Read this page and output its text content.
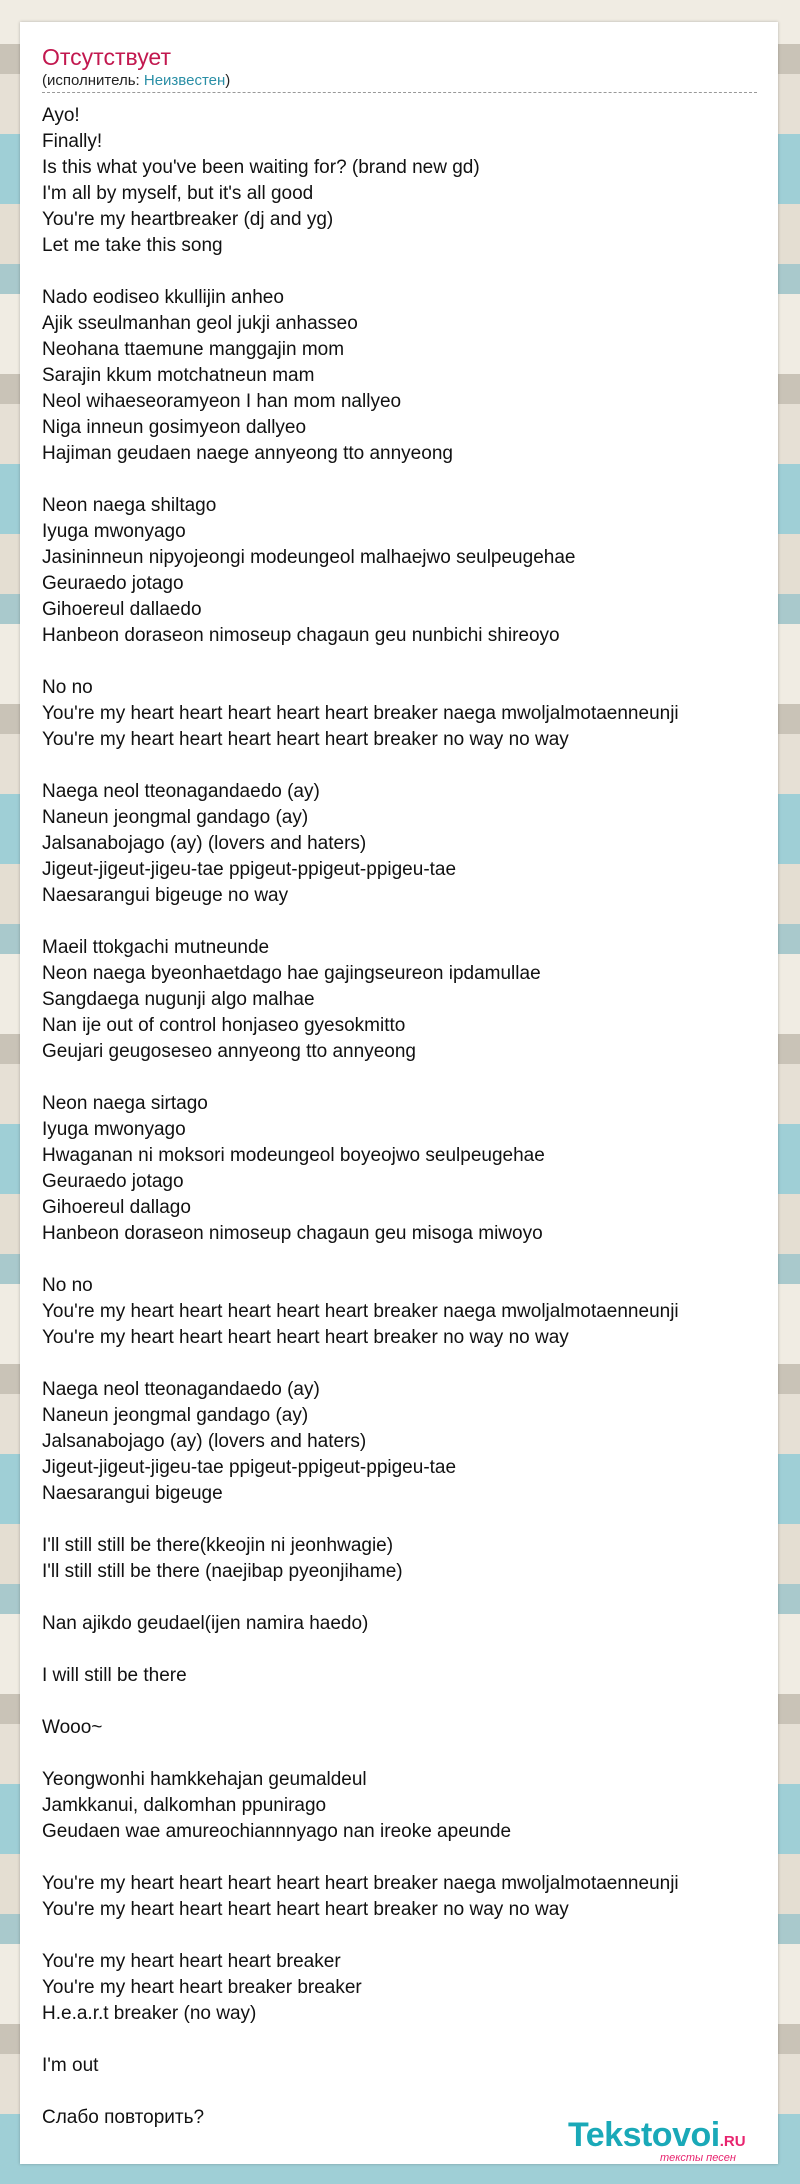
Отсутствует
(исполнитель: Неизвестен)
Ayo!
Finally!
Is this what you've been waiting for? (brand new gd)
I'm all by myself, but it's all good
You're my heartbreaker (dj and yg)
Let me take this song
Nado eodiseo kkullijin anheo
Ajik sseulmanhan geol jukji anhasseo
Neohana ttaemune manggajin mom
Sarajin kkum motchatneun mam
Neol wihaeseoramyeon I han mom nallyeo
Niga inneun gosimyeon dallyeo
Hajiman geudaen naege annyeong tto annyeong
Neon naega shiltago
Iyuga mwonyago
Jasininneun nipyojeongi modeungeol malhaejwo seulpeugehae
Geuraedo jotago
Gihoereul dallaedo
Hanbeon doraseon nimoseup chagaun geu nunbichi shireoyo
No no
You're my heart heart heart heart heart breaker naega mwoljalmotaenneunji
You're my heart heart heart heart heart breaker no way no way
Naega neol tteonagandaedo (ay)
Naneun jeongmal gandago (ay)
Jalsanabojago (ay) (lovers and haters)
Jigeut-jigeut-jigeu-tae ppigeut-ppigeut-ppigeu-tae
Naesarangui bigeuge no way
Maeil ttokgachi mutneunde
Neon naega byeonhaetdago hae gajingseureon ipdamullae
Sangdaega nugunji algo malhae
Nan ije out of control honjaseo gyesokmitto
Geujari geugoseseo annyeong tto annyeong
Neon naega sirtago
Iyuga mwonyago
Hwaganan ni moksori modeungeol boyeojwo seulpeugehae
Geuraedo jotago
Gihoereul dallago
Hanbeon doraseon nimoseup chagaun geu misoga miwoyo
No no
You're my heart heart heart heart heart breaker naega mwoljalmotaenneunji
You're my heart heart heart heart heart breaker no way no way
Naega neol tteonagandaedo (ay)
Naneun jeongmal gandago (ay)
Jalsanabojago (ay) (lovers and haters)
Jigeut-jigeut-jigeu-tae ppigeut-ppigeut-ppigeu-tae
Naesarangui bigeuge
I'll still still be there(kkeojin ni jeonhwagie)
I'll still still be there (naejibap pyeonjihame)
Nan ajikdo geudael(ijen namira haedo)
I will still be there
Wooo~
Yeongwonhi hamkkehajan geumaldeul
Jamkkanui, dalkomhan ppunirago
Geudaen wae amureochiannnyago nan ireoke apeunde
You're my heart heart heart heart heart breaker naega mwoljalmotaenneunji
You're my heart heart heart heart heart breaker no way no way
You're my heart heart heart breaker
You're my heart heart breaker breaker
H.e.a.r.t breaker (no way)
I'm out
Слабо повторить?	Tekstovoi.RU
тексты песен
